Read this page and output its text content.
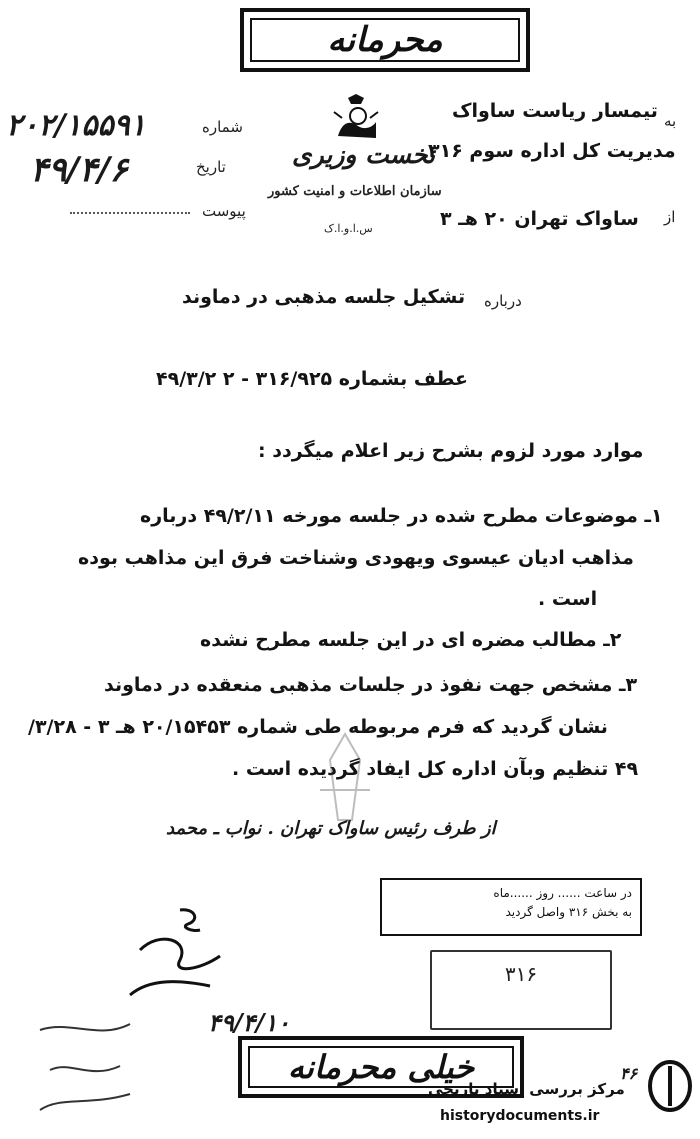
محرمانه
۲۰۲/۱۵۵۹۱	شماره
۴۹/۴/۶	تاریخ
پیوست
نخست وزیری
سازمان اطلاعات و امنیت کشور
س.ا.و.ا.ک
به
تیمسار ریاست ساواک
مدیریت کل اداره سوم ۳۱۶
از
ساواک تهران ۲۰ هـ ۳
درباره
تشکیل جلسه مذهبی در دماوند
عطف بشماره ۳۱۶/۹۲۵ - ۲ ۴۹/۳/۲
موارد مورد لزوم بشرح زیر اعلام میگردد :
۱ـ موضوعات مطرح شده در جلسه مورخه ۴۹/۲/۱۱ درباره
مذاهب ادیان عیسوی ویهودی وشناخت فرق این مذاهب بوده
است .
۲ـ مطالب مضره ای در این جلسه مطرح نشده
۳ـ مشخص جهت نفوذ در جلسات مذهبی منعقده در دماوند
نشان گردید که فرم مربوطه طی شماره ۲۰/۱۵۴۵۳ هـ ۳ - ۳/۲۸/
۴۹ تنظیم وبآن اداره کل ایفاد گردیده است .
از طرف رئیس ساواک تهران . نواب ـ محمد
در ساعت ...... روز ......ماه
به بخش ۳۱۶ واصل گردید
۳۱۶
۴۹/۴/۱۰
خیلی محرمانه
مرکز بررسی اسناد تاریخی
historydocuments.ir
۴۶
